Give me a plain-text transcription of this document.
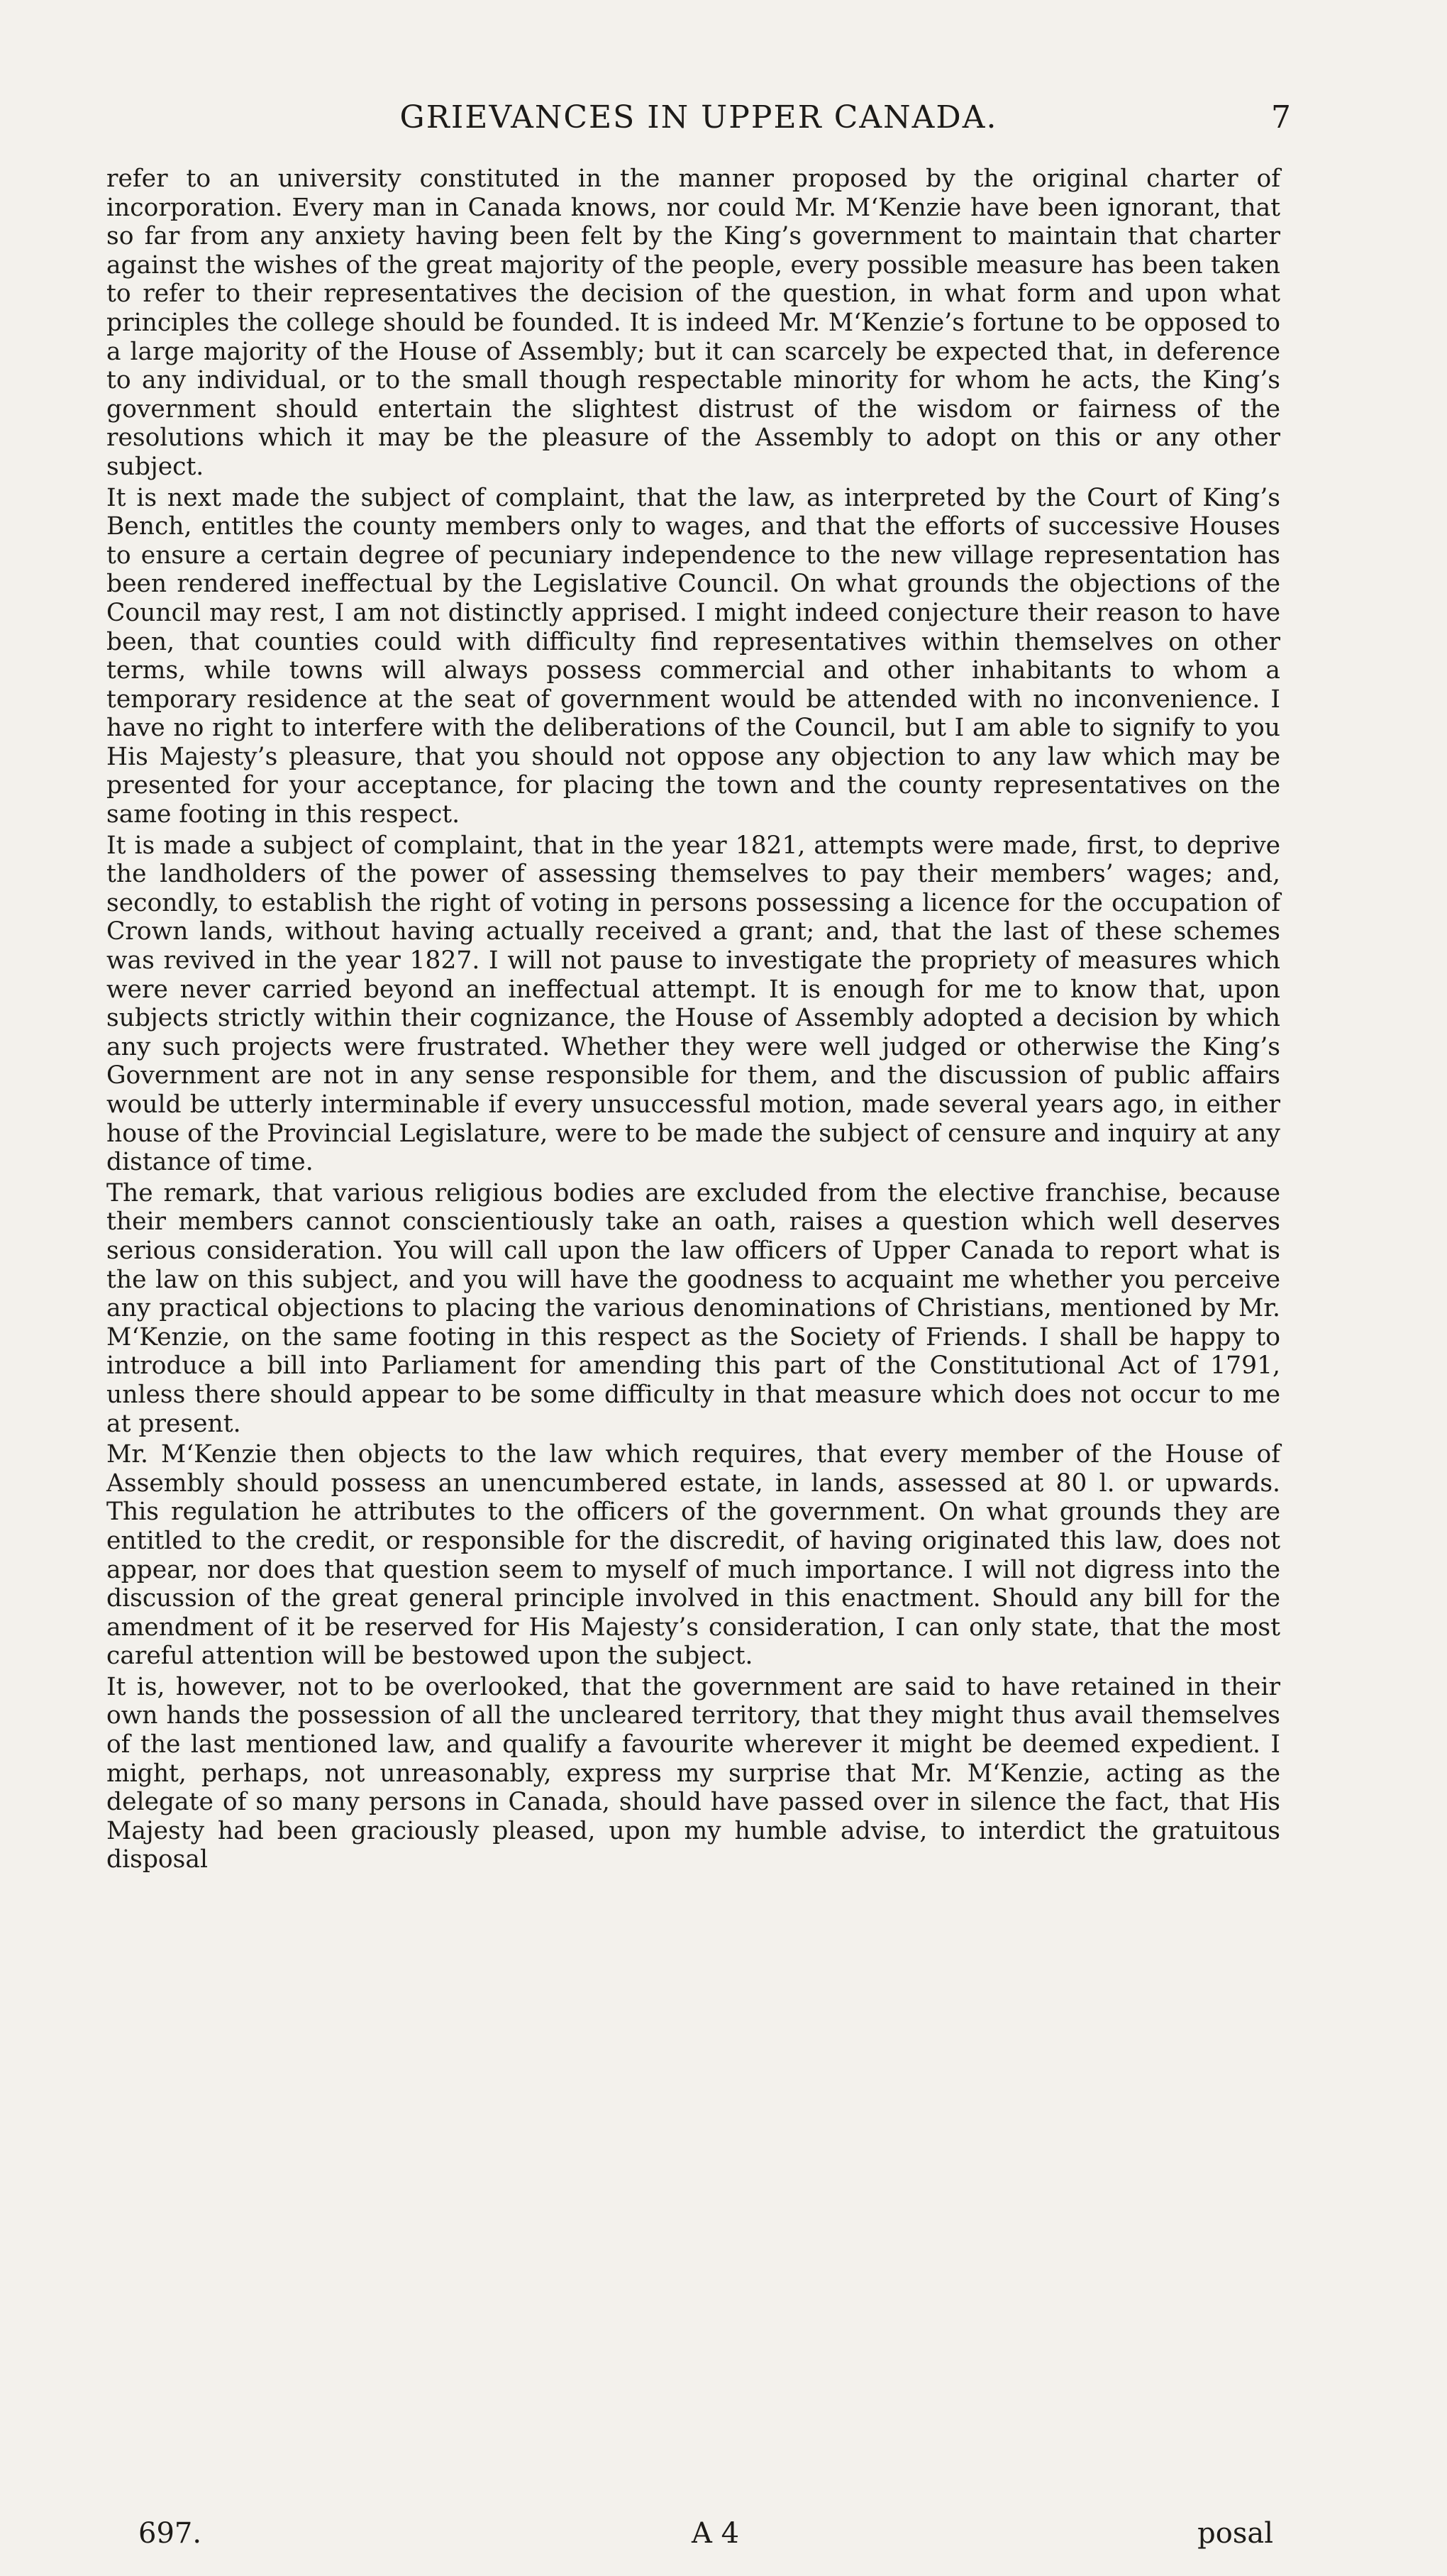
GRIEVANCES IN UPPER CANADA.	7

refer to an university constituted in the manner proposed by the original charter of incorporation. Every man in Canada knows, nor could Mr. M‘Kenzie have been ignorant, that so far from any anxiety having been felt by the King’s government to maintain that charter against the wishes of the great majority of the people, every possible measure has been taken to refer to their representatives the decision of the question, in what form and upon what principles the college should be founded. It is indeed Mr. M‘Kenzie’s fortune to be opposed to a large majority of the House of Assembly; but it can scarcely be expected that, in deference to any individual, or to the small though respectable minority for whom he acts, the King’s government should entertain the slightest distrust of the wisdom or fairness of the resolutions which it may be the pleasure of the Assembly to adopt on this or any other subject.

It is next made the subject of complaint, that the law, as interpreted by the Court of King’s Bench, entitles the county members only to wages, and that the efforts of successive Houses to ensure a certain degree of pecuniary independence to the new village representation has been rendered ineffectual by the Legislative Council. On what grounds the objections of the Council may rest, I am not distinctly apprised. I might indeed conjecture their reason to have been, that counties could with difficulty find representatives within themselves on other terms, while towns will always possess commercial and other inhabitants to whom a temporary residence at the seat of government would be attended with no inconvenience. I have no right to interfere with the deliberations of the Council, but I am able to signify to you His Majesty’s pleasure, that you should not oppose any objection to any law which may be presented for your acceptance, for placing the town and the county representatives on the same footing in this respect.

It is made a subject of complaint, that in the year 1821, attempts were made, first, to deprive the landholders of the power of assessing themselves to pay their members’ wages; and, secondly, to establish the right of voting in persons possessing a licence for the occupation of Crown lands, without having actually received a grant; and, that the last of these schemes was revived in the year 1827. I will not pause to investigate the propriety of measures which were never carried beyond an ineffectual attempt. It is enough for me to know that, upon subjects strictly within their cognizance, the House of Assembly adopted a decision by which any such projects were frustrated. Whether they were well judged or otherwise the King’s Government are not in any sense responsible for them, and the discussion of public affairs would be utterly interminable if every unsuccessful motion, made several years ago, in either house of the Provincial Legislature, were to be made the subject of censure and inquiry at any distance of time.

The remark, that various religious bodies are excluded from the elective franchise, because their members cannot conscientiously take an oath, raises a question which well deserves serious consideration. You will call upon the law officers of Upper Canada to report what is the law on this subject, and you will have the goodness to acquaint me whether you perceive any practical objections to placing the various denominations of Christians, mentioned by Mr. M‘Kenzie, on the same footing in this respect as the Society of Friends. I shall be happy to introduce a bill into Parliament for amending this part of the Constitutional Act of 1791, unless there should appear to be some difficulty in that measure which does not occur to me at present.

Mr. M‘Kenzie then objects to the law which requires, that every member of the House of Assembly should possess an unencumbered estate, in lands, assessed at 80 l. or upwards. This regulation he attributes to the officers of the government. On what grounds they are entitled to the credit, or responsible for the discredit, of having originated this law, does not appear, nor does that question seem to myself of much importance. I will not digress into the discussion of the great general principle involved in this enactment. Should any bill for the amendment of it be reserved for His Majesty’s consideration, I can only state, that the most careful attention will be bestowed upon the subject.

It is, however, not to be overlooked, that the government are said to have retained in their own hands the possession of all the uncleared territory, that they might thus avail themselves of the last mentioned law, and qualify a favourite wherever it might be deemed expedient. I might, perhaps, not unreasonably, express my surprise that Mr. M‘Kenzie, acting as the delegate of so many persons in Canada, should have passed over in silence the fact, that His Majesty had been graciously pleased, upon my humble advise, to interdict the gratuitous disposal

697.	A 4	posal
